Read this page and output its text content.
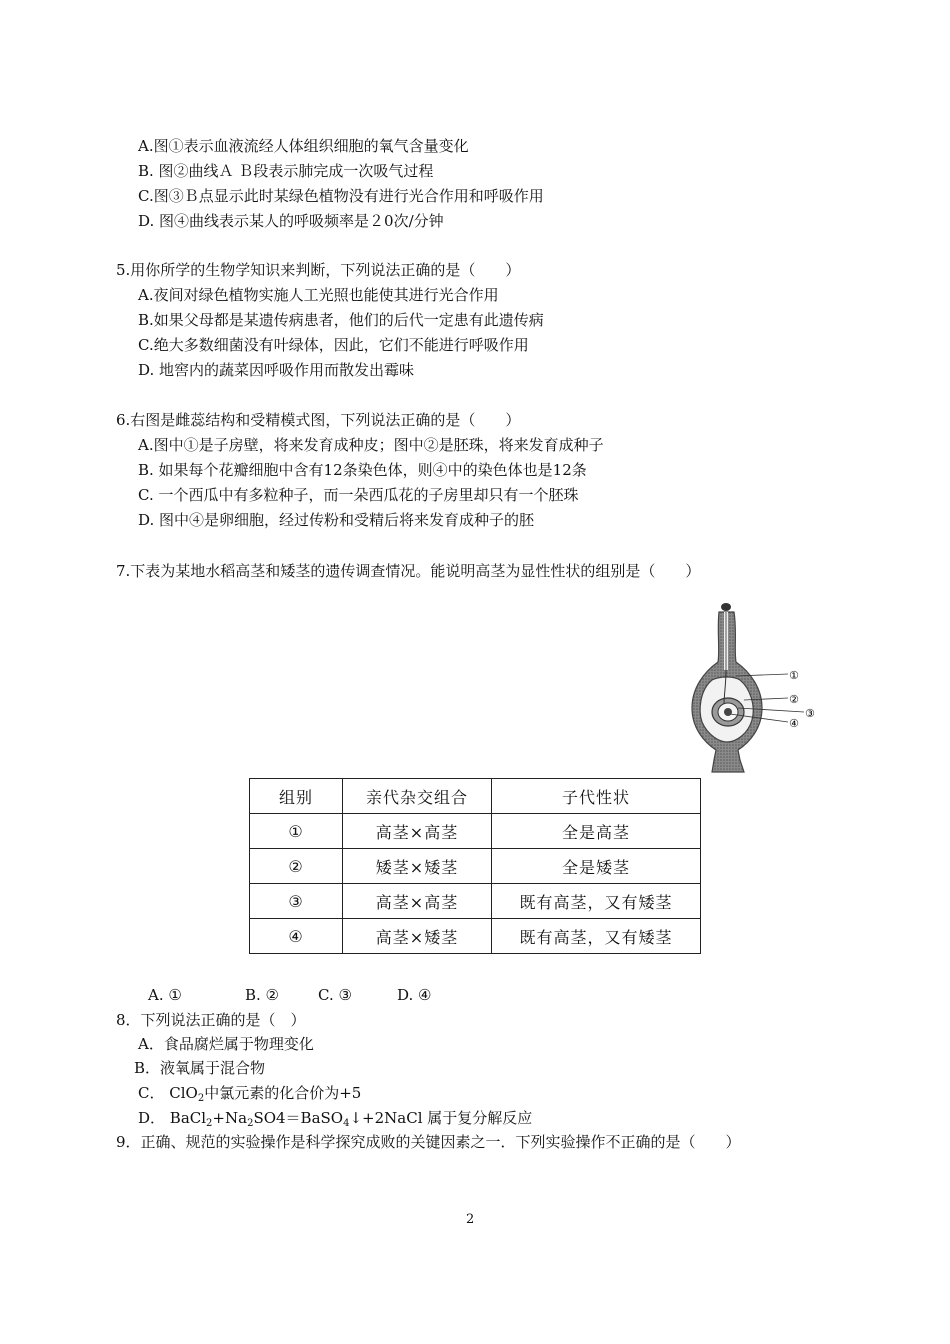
A.图①表示血液流经人体组织细胞的氧气含量变化
B. 图②曲线Ａ Ｂ段表示肺完成一次吸气过程
C.图③Ｂ点显示此时某绿色植物没有进行光合作用和呼吸作用
D. 图④曲线表示某人的呼吸频率是２0次/分钟
5.用你所学的生物学知识来判断，下列说法正确的是（　　）
A.夜间对绿色植物实施人工光照也能使其进行光合作用
B.如果父母都是某遗传病患者，他们的后代一定患有此遗传病
C.绝大多数细菌没有叶绿体，因此，它们不能进行呼吸作用
D. 地窖内的蔬菜因呼吸作用而散发出霉味
6.右图是雌蕊结构和受精模式图，下列说法正确的是（　　）
A.图中①是子房壁，将来发育成种皮；图中②是胚珠，将来发育成种子
B. 如果每个花瓣细胞中含有12条染色体，则④中的染色体也是12条
C. 一个西瓜中有多粒种子，而一朵西瓜花的子房里却只有一个胚珠
D. 图中④是卵细胞，经过传粉和受精后将来发育成种子的胚
7.下表为某地水稻高茎和矮茎的遗传调查情况。能说明高茎为显性性状的组别是（　　）
①
②
③
④
组别	亲代杂交组合	子代性状
①	高茎×高茎	全是高茎
②	矮茎×矮茎	全是矮茎
③	高茎×高茎	既有高茎，又有矮茎
④	高茎×矮茎	既有高茎，又有矮茎
A. ①	B. ②	C. ③	D. ④
8．下列说法正确的是（　）
A．食品腐烂属于物理变化
B．液氧属于混合物
C． ClO$_2$中氯元素的化合价为+5
D． $BaCl_2+Na_2SO4=BaSO_4↓+2NaCl$ 属于复分解反应
9．正确、规范的实验操作是科学探究成败的关键因素之一．下列实验操作不正确的是（　　）
2
